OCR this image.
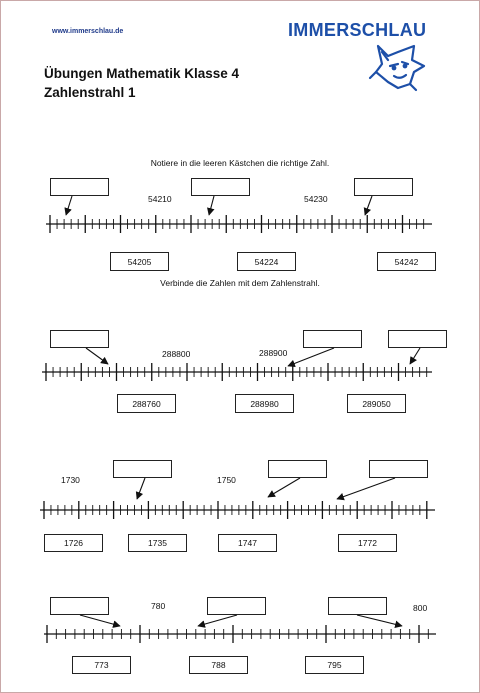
www.immerschlau.de	IMMERSCHLAU
Übungen Mathematik Klasse 4
Zahlenstrahl 1
Notiere in die leeren Kästchen die richtige Zahl.
Verbinde die Zahlen mit dem Zahlenstrahl.
54210	54230
54205	54224	54242
288800	288900
288760	288980	289050
1730	1750
1726	1735	1747	1772
780	800
773	788	795
